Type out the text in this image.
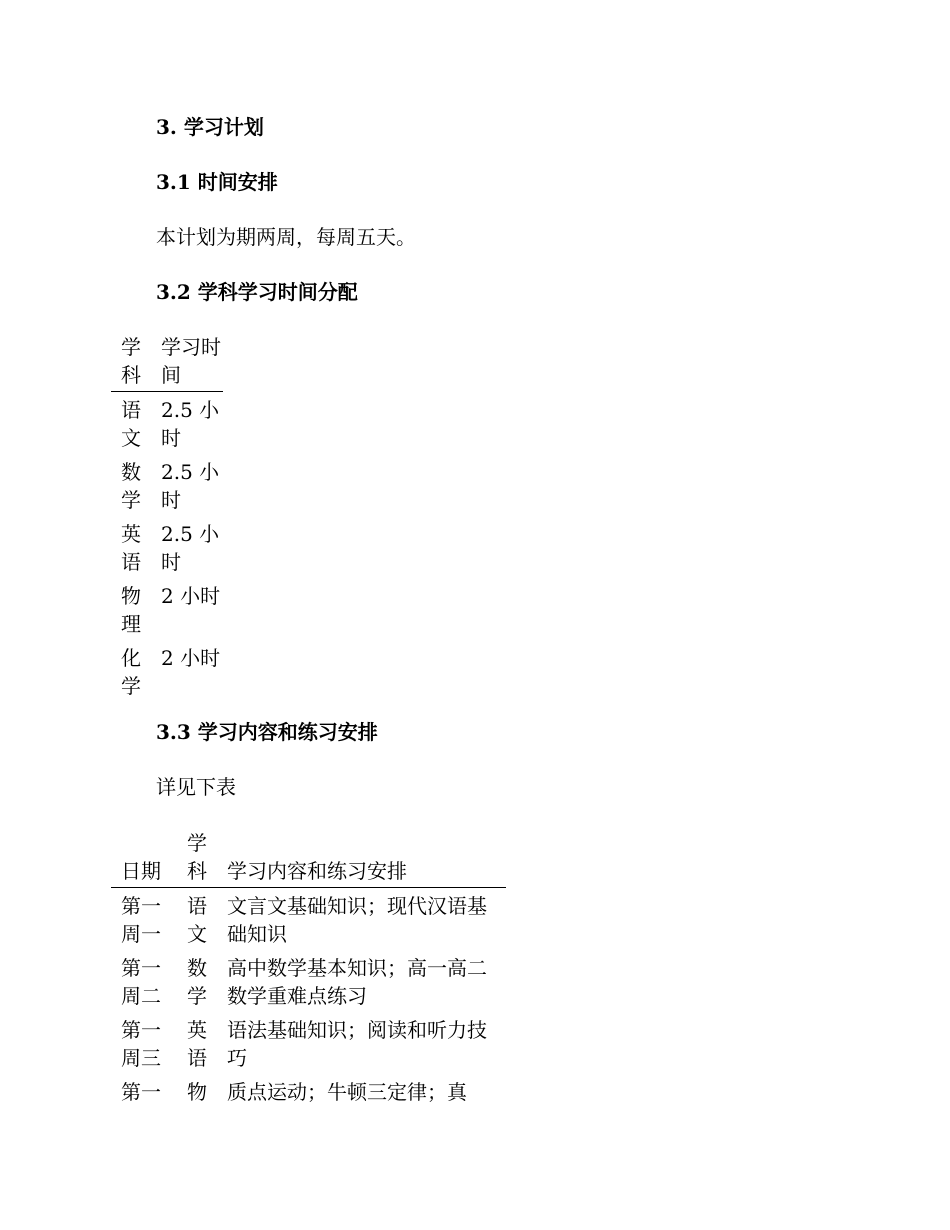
3. 学习计划
3.1 时间安排
本计划为期两周，每周五天。
3.2 学科学习时间分配
学科	学习时间
语文	2.5 小时
数学	2.5 小时
英语	2.5 小时
物理	2 小时
化学	2 小时
3.3 学习内容和练习安排
详见下表
日期	学科	学习内容和练习安排
第一周一	语文	文言文基础知识；现代汉语基础知识
第一周二	数学	高中数学基本知识；高一高二数学重难点练习
第一周三	英语	语法基础知识；阅读和听力技巧
第一	物	质点运动；牛顿三定律；真
